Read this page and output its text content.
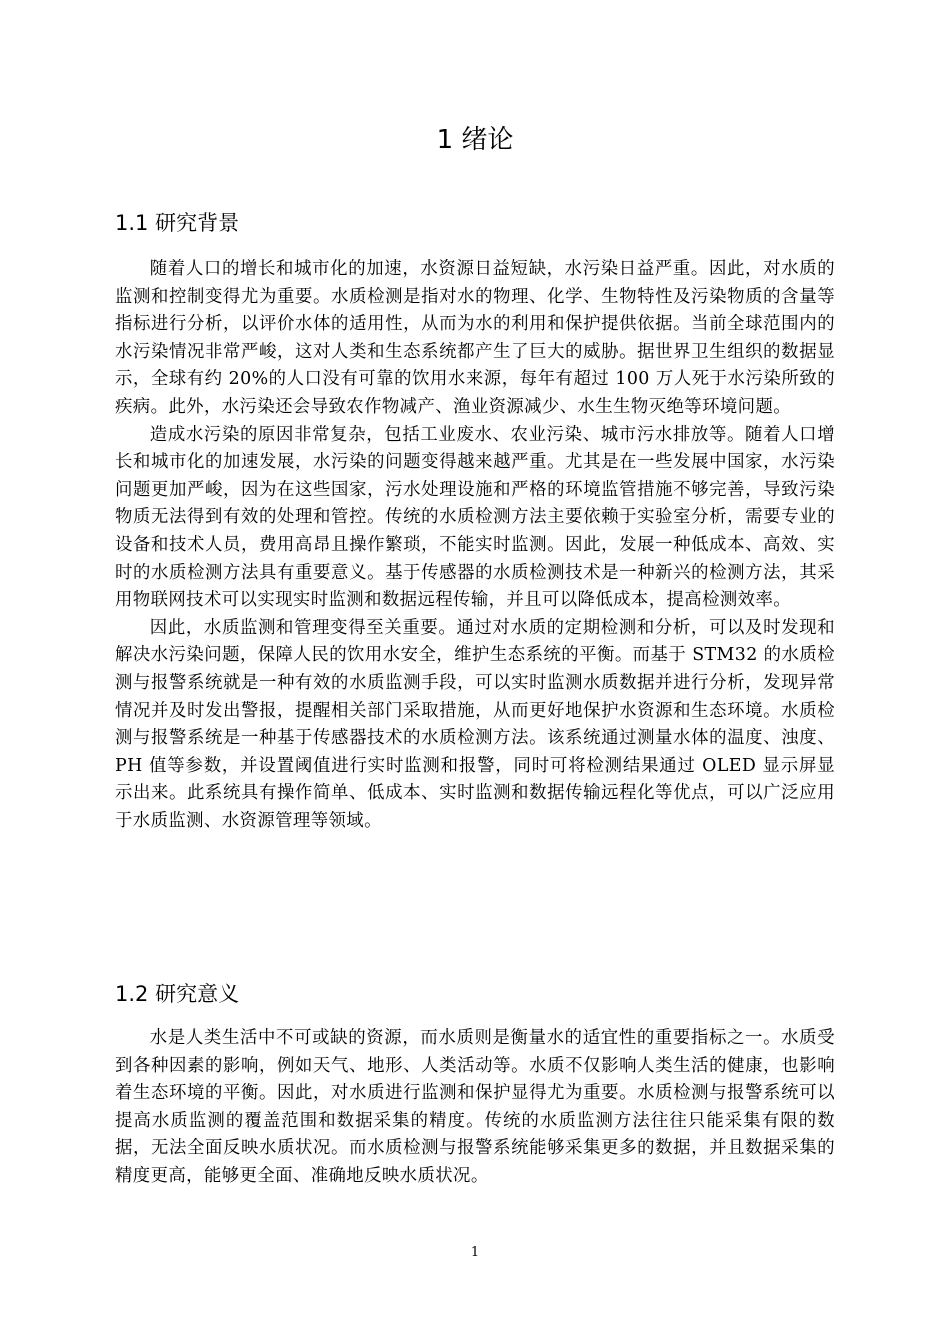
1 绪论
1.1 研究背景

随着人口的增长和城市化的加速，水资源日益短缺，水污染日益严重。因此，对水质的监测和控制变得尤为重要。水质检测是指对水的物理、化学、生物特性及污染物质的含量等指标进行分析，以评价水体的适用性，从而为水的利用和保护提供依据。当前全球范围内的水污染情况非常严峻，这对人类和生态系统都产生了巨大的威胁。据世界卫生组织的数据显示，全球有约 20%的人口没有可靠的饮用水来源，每年有超过 100 万人死于水污染所致的疾病。此外，水污染还会导致农作物减产、渔业资源减少、水生生物灭绝等环境问题。

造成水污染的原因非常复杂，包括工业废水、农业污染、城市污水排放等。随着人口增长和城市化的加速发展，水污染的问题变得越来越严重。尤其是在一些发展中国家，水污染问题更加严峻，因为在这些国家，污水处理设施和严格的环境监管措施不够完善，导致污染物质无法得到有效的处理和管控。传统的水质检测方法主要依赖于实验室分析，需要专业的设备和技术人员，费用高昂且操作繁琐，不能实时监测。因此，发展一种低成本、高效、实时的水质检测方法具有重要意义。基于传感器的水质检测技术是一种新兴的检测方法，其采用物联网技术可以实现实时监测和数据远程传输，并且可以降低成本，提高检测效率。

因此，水质监测和管理变得至关重要。通过对水质的定期检测和分析，可以及时发现和解决水污染问题，保障人民的饮用水安全，维护生态系统的平衡。而基于 STM32 的水质检测与报警系统就是一种有效的水质监测手段，可以实时监测水质数据并进行分析，发现异常情况并及时发出警报，提醒相关部门采取措施，从而更好地保护水资源和生态环境。水质检测与报警系统是一种基于传感器技术的水质检测方法。该系统通过测量水体的温度、浊度、PH 值等参数，并设置阈值进行实时监测和报警，同时可将检测结果通过 OLED 显示屏显示出来。此系统具有操作简单、低成本、实时监测和数据传输远程化等优点，可以广泛应用于水质监测、水资源管理等领域。

1.2 研究意义

水是人类生活中不可或缺的资源，而水质则是衡量水的适宜性的重要指标之一。水质受到各种因素的影响，例如天气、地形、人类活动等。水质不仅影响人类生活的健康，也影响着生态环境的平衡。因此，对水质进行监测和保护显得尤为重要。水质检测与报警系统可以提高水质监测的覆盖范围和数据采集的精度。传统的水质监测方法往往只能采集有限的数据，无法全面反映水质状况。而水质检测与报警系统能够采集更多的数据，并且数据采集的精度更高，能够更全面、准确地反映水质状况。

1
